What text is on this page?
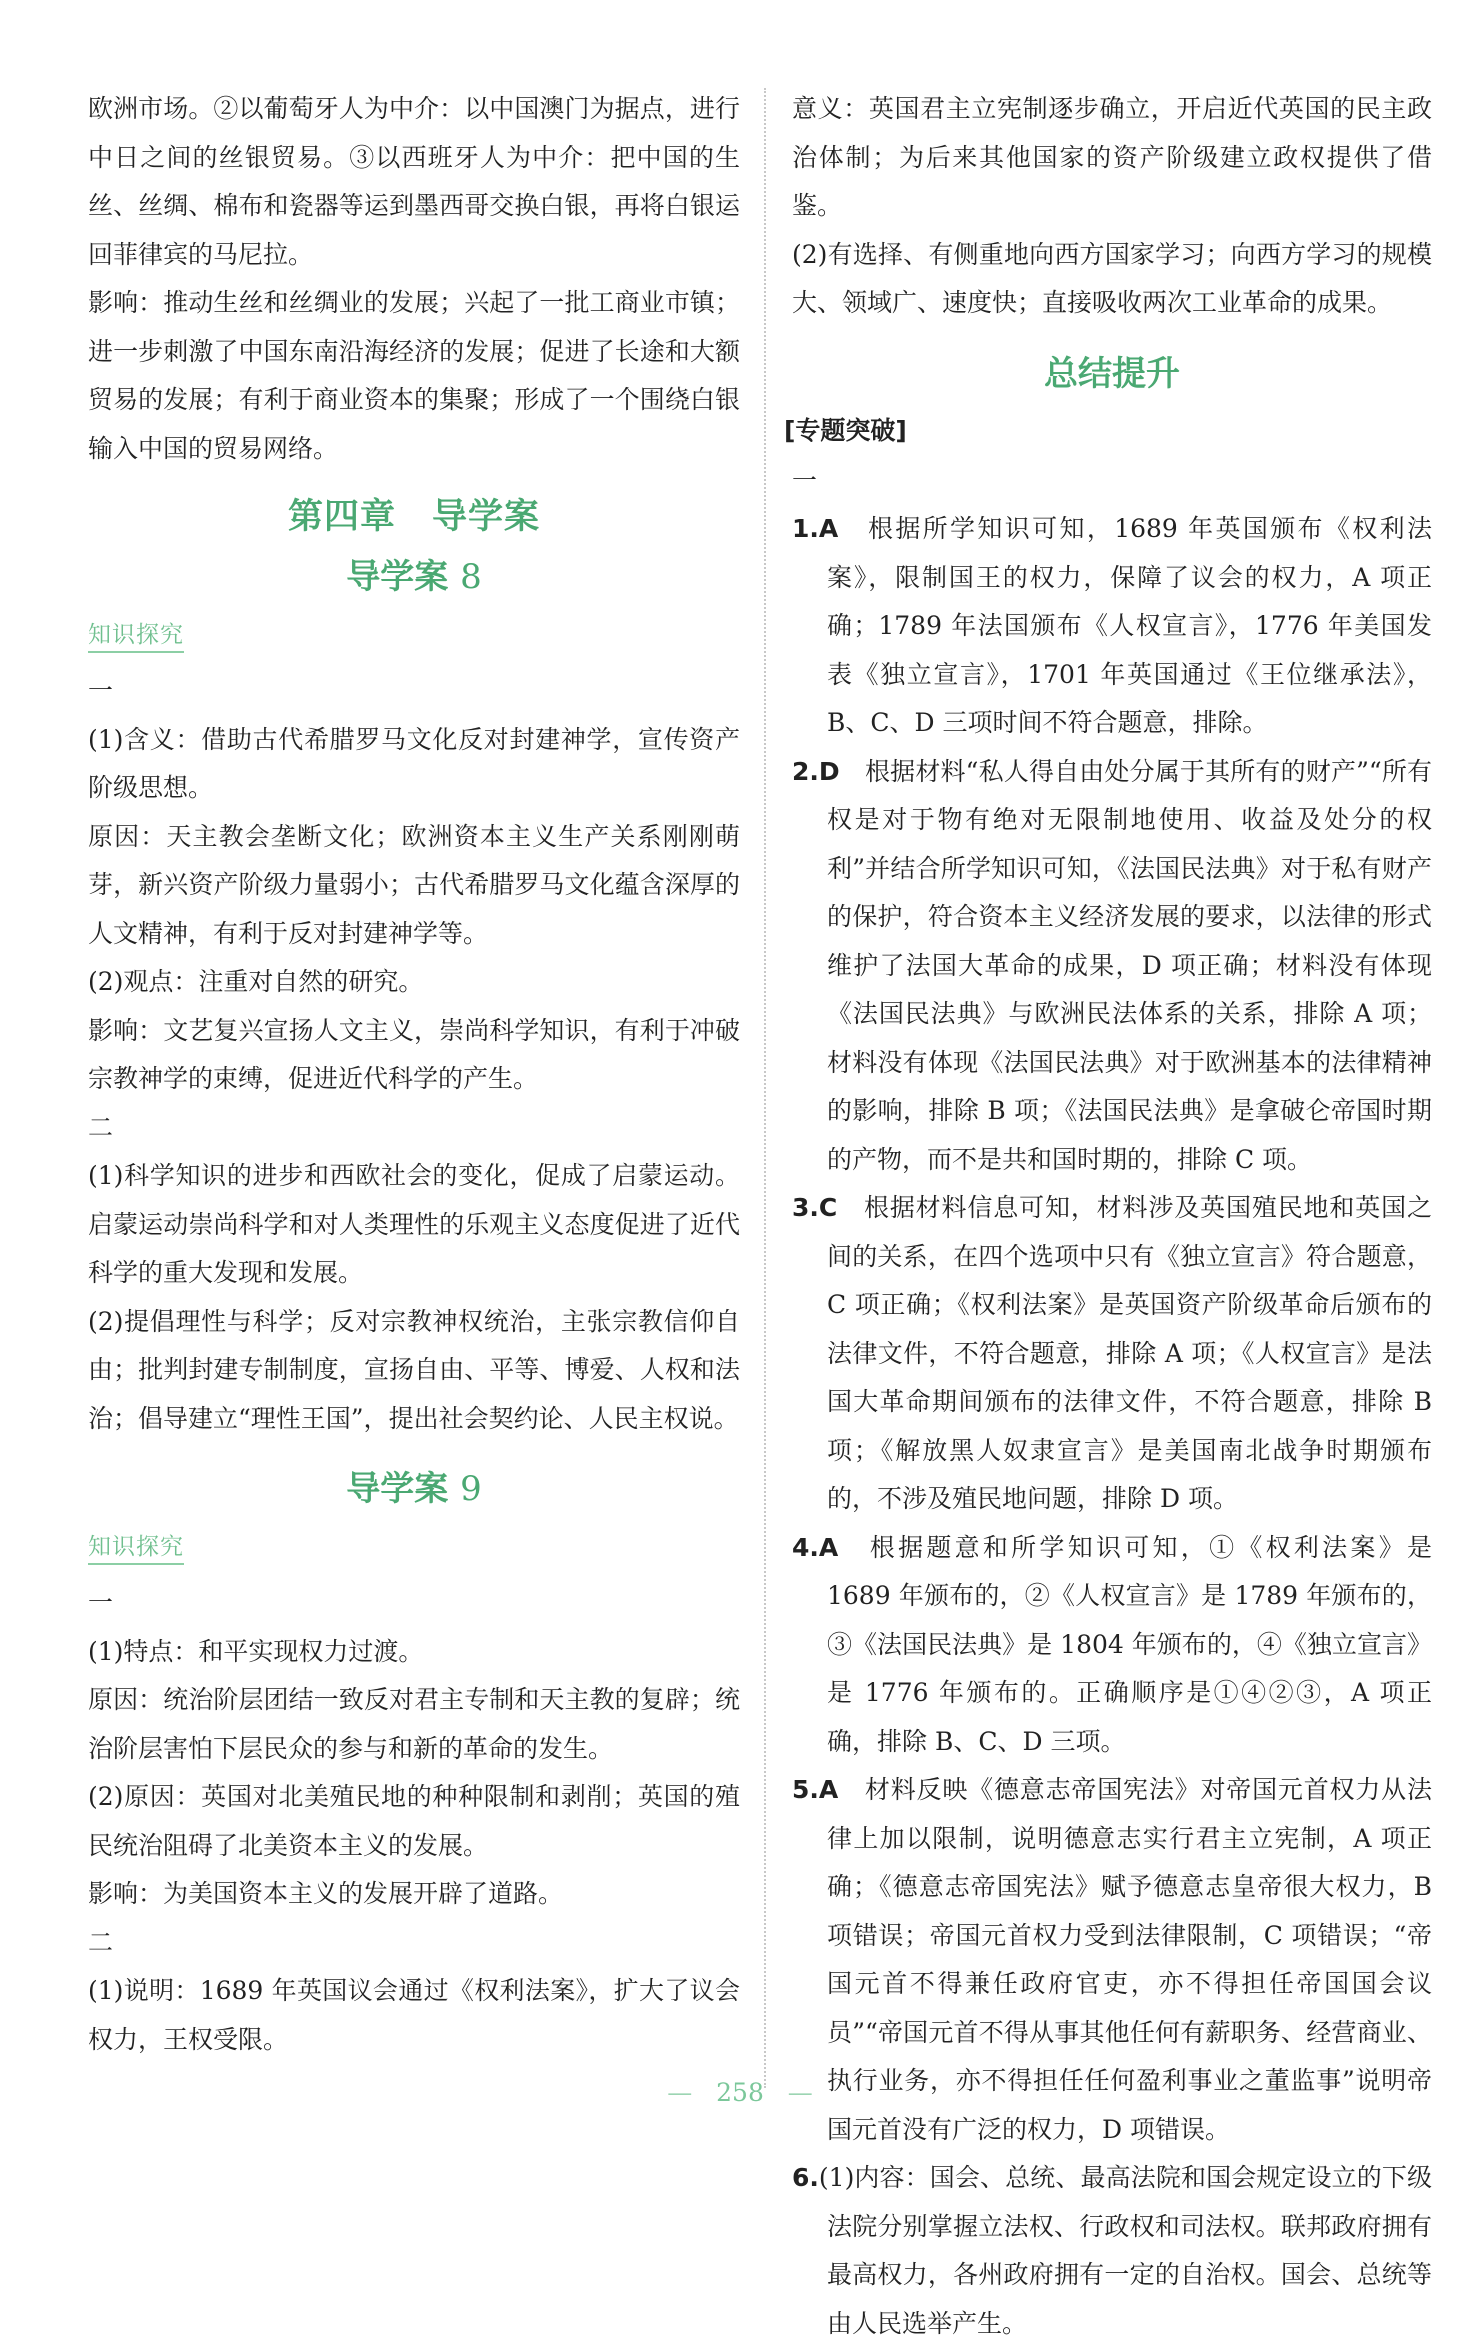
欧洲市场。②以葡萄牙人为中介：以中国澳门为据点，进行中日之间的丝银贸易。③以西班牙人为中介：把中国的生丝、丝绸、棉布和瓷器等运到墨西哥交换白银，再将白银运回菲律宾的马尼拉。

影响：推动生丝和丝绸业的发展；兴起了一批工商业市镇；进一步刺激了中国东南沿海经济的发展；促进了长途和大额贸易的发展；有利于商业资本的集聚；形成了一个围绕白银输入中国的贸易网络。

第四章　导学案
导学案 8
知识探究

一

(1)含义：借助古代希腊罗马文化反对封建神学，宣传资产阶级思想。

原因：天主教会垄断文化；欧洲资本主义生产关系刚刚萌芽，新兴资产阶级力量弱小；古代希腊罗马文化蕴含深厚的人文精神，有利于反对封建神学等。

(2)观点：注重对自然的研究。

影响：文艺复兴宣扬人文主义，崇尚科学知识，有利于冲破宗教神学的束缚，促进近代科学的产生。

二

(1)科学知识的进步和西欧社会的变化，促成了启蒙运动。启蒙运动崇尚科学和对人类理性的乐观主义态度促进了近代科学的重大发现和发展。

(2)提倡理性与科学；反对宗教神权统治，主张宗教信仰自由；批判封建专制制度，宣扬自由、平等、博爱、人权和法治；倡导建立“理性王国”，提出社会契约论、人民主权说。

导学案 9
知识探究

一

(1)特点：和平实现权力过渡。

原因：统治阶层团结一致反对君主专制和天主教的复辟；统治阶层害怕下层民众的参与和新的革命的发生。

(2)原因：英国对北美殖民地的种种限制和剥削；英国的殖民统治阻碍了北美资本主义的发展。

影响：为美国资本主义的发展开辟了道路。

二

(1)说明：1689 年英国议会通过《权利法案》，扩大了议会权力，王权受限。

意义：英国君主立宪制逐步确立，开启近代英国的民主政治体制；为后来其他国家的资产阶级建立政权提供了借鉴。

(2)有选择、有侧重地向西方国家学习；向西方学习的规模大、领域广、速度快；直接吸收两次工业革命的成果。

总结提升
[专题突破]

一

1.A　 根据所学知识可知，1689 年英国颁布《权利法案》，限制国王的权力，保障了议会的权力，A 项正确；1789 年法国颁布《人权宣言》，1776 年美国发表《独立宣言》，1701 年英国通过《王位继承法》，B、C、D 三项时间不符合题意，排除。

2.D　 根据材料“私人得自由处分属于其所有的财产”“所有权是对于物有绝对无限制地使用、收益及处分的权利”并结合所学知识可知，《法国民法典》对于私有财产的保护，符合资本主义经济发展的要求，以法律的形式维护了法国大革命的成果，D 项正确；材料没有体现《法国民法典》与欧洲民法体系的关系，排除 A 项；材料没有体现《法国民法典》对于欧洲基本的法律精神的影响，排除 B 项；《法国民法典》是拿破仑帝国时期的产物，而不是共和国时期的，排除 C 项。

3.C　 根据材料信息可知，材料涉及英国殖民地和英国之间的关系，在四个选项中只有《独立宣言》符合题意，C 项正确；《权利法案》是英国资产阶级革命后颁布的法律文件，不符合题意，排除 A 项；《人权宣言》是法国大革命期间颁布的法律文件，不符合题意，排除 B 项；《解放黑人奴隶宣言》是美国南北战争时期颁布的，不涉及殖民地问题，排除 D 项。

4.A　 根据题意和所学知识可知，①《权利法案》是 1689 年颁布的，②《人权宣言》是 1789 年颁布的，③《法国民法典》是 1804 年颁布的，④《独立宣言》是 1776 年颁布的。正确顺序是①④②③，A 项正确，排除 B、C、D 三项。

5.A　 材料反映《德意志帝国宪法》对帝国元首权力从法律上加以限制，说明德意志实行君主立宪制，A 项正确；《德意志帝国宪法》赋予德意志皇帝很大权力，B 项错误；帝国元首权力受到法律限制，C 项错误；“帝国元首不得兼任政府官吏，亦不得担任帝国国会议员”“帝国元首不得从事其他任何有薪职务、经营商业、执行业务，亦不得担任任何盈利事业之董监事”说明帝国元首没有广泛的权力，D 项错误。

6.(1)内容：国会、总统、最高法院和国会规定设立的下级法院分别掌握立法权、行政权和司法权。联邦政府拥有最高权力，各州政府拥有一定的自治权。国会、总统等由人民选举产生。

— 258 —
